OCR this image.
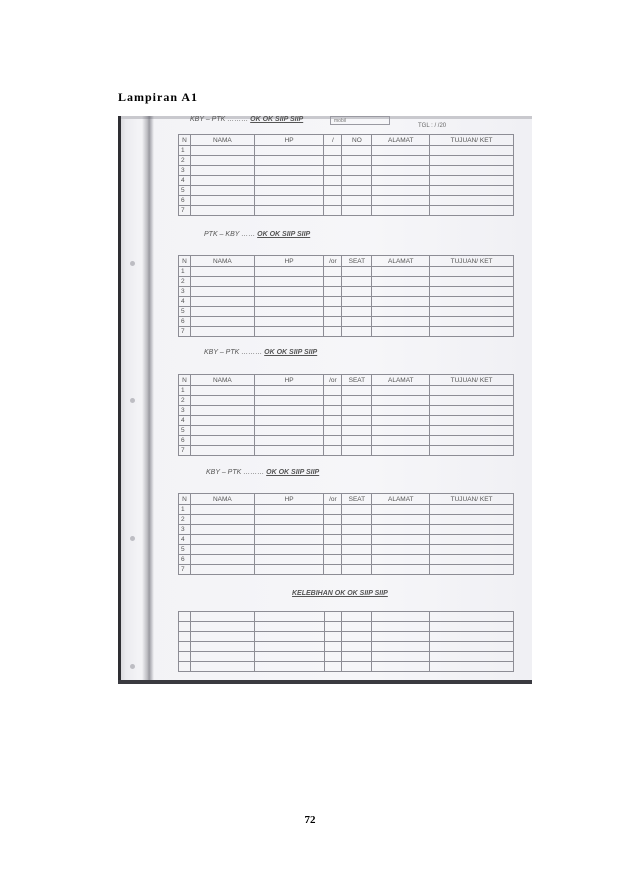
Lampiran A1
KBY – PTK ……… OK OK SIIP SIIP	mobil
TGL : / /20
N	NAMA	HP	/	NO	ALAMAT	TUJUAN/ KET
1						
2						
3						
4						
5						
6						
7						
PTK – KBY …… OK OK SIIP SIIP
N	NAMA	HP	/or	SEAT	ALAMAT	TUJUAN/ KET
1						
2						
3						
4						
5						
6						
7						
KBY – PTK ……… OK OK SIIP SIIP
N	NAMA	HP	/or	SEAT	ALAMAT	TUJUAN/ KET
1						
2						
3						
4						
5						
6						
7						
KBY – PTK ……… OK OK SIIP SIIP
N	NAMA	HP	/or	SEAT	ALAMAT	TUJUAN/ KET
1						
2						
3						
4						
5						
6						
7						
KELEBIHAN OK OK SIIP SIIP

72
